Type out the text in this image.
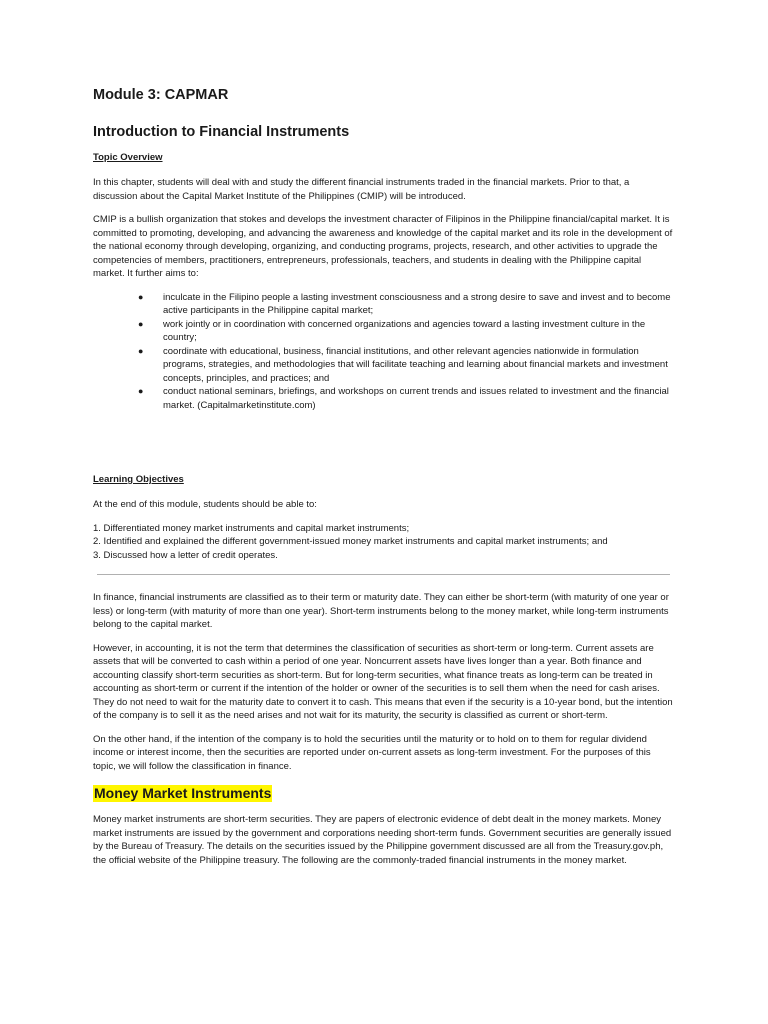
Module 3: CAPMAR
Introduction to Financial Instruments
Topic Overview

In this chapter, students will deal with and study the different financial instruments traded in the financial markets. Prior to that, a discussion about the Capital Market Institute of the Philippines (CMIP) will be introduced.

CMIP is a bullish organization that stokes and develops the investment character of Filipinos in the Philippine financial/capital market. It is committed to promoting, developing, and advancing the awareness and knowledge of the capital market and its role in the development of the national economy through developing, organizing, and conducting programs, projects, research, and other activities to upgrade the competencies of members, practitioners, entrepreneurs, professionals, teachers, and students in dealing with the Philippine capital market. It further aims to:

● inculcate in the Filipino people a lasting investment consciousness and a strong desire to save and invest and to become active participants in the Philippine capital market;
● work jointly or in coordination with concerned organizations and agencies toward a lasting investment culture in the country;
● coordinate with educational, business, financial institutions, and other relevant agencies nationwide in formulation programs, strategies, and methodologies that will facilitate teaching and learning about financial markets and investment concepts, principles, and practices; and
● conduct national seminars, briefings, and workshops on current trends and issues related to investment and the financial market. (Capitalmarketinstitute.com)
Learning Objectives

At the end of this module, students should be able to:

1. Differentiated money market instruments and capital market instruments;
2. Identified and explained the different government-issued money market instruments and capital market instruments; and
3. Discussed how a letter of credit operates.

In finance, financial instruments are classified as to their term or maturity date. They can either be short-term (with maturity of one year or less) or long-term (with maturity of more than one year). Short-term instruments belong to the money market, while long-term instruments belong to the capital market.

However, in accounting, it is not the term that determines the classification of securities as short-term or long-term. Current assets are assets that will be converted to cash within a period of one year. Noncurrent assets have lives longer than a year. Both finance and accounting classify short-term securities as short-term. But for long-term securities, what finance treats as long-term can be treated in accounting as short-term or current if the intention of the holder or owner of the securities is to sell them when the need for cash arises. They do not need to wait for the maturity date to convert it to cash. This means that even if the security is a 10-year bond, but the intention of the company is to sell it as the need arises and not wait for its maturity, the security is classified as current or short-term.

On the other hand, if the intention of the company is to hold the securities until the maturity or to hold on to them for regular dividend income or interest income, then the securities are reported under on-current assets as long-term investment. For the purposes of this topic, we will follow the classification in finance.

Money Market Instruments

Money market instruments are short-term securities. They are papers of electronic evidence of debt dealt in the money markets. Money market instruments are issued by the government and corporations needing short-term funds. Government securities are generally issued by the Bureau of Treasury. The details on the securities issued by the Philippine government discussed are all from the Treasury.gov.ph, the official website of the Philippine treasury. The following are the commonly-traded financial instruments in the money market.
